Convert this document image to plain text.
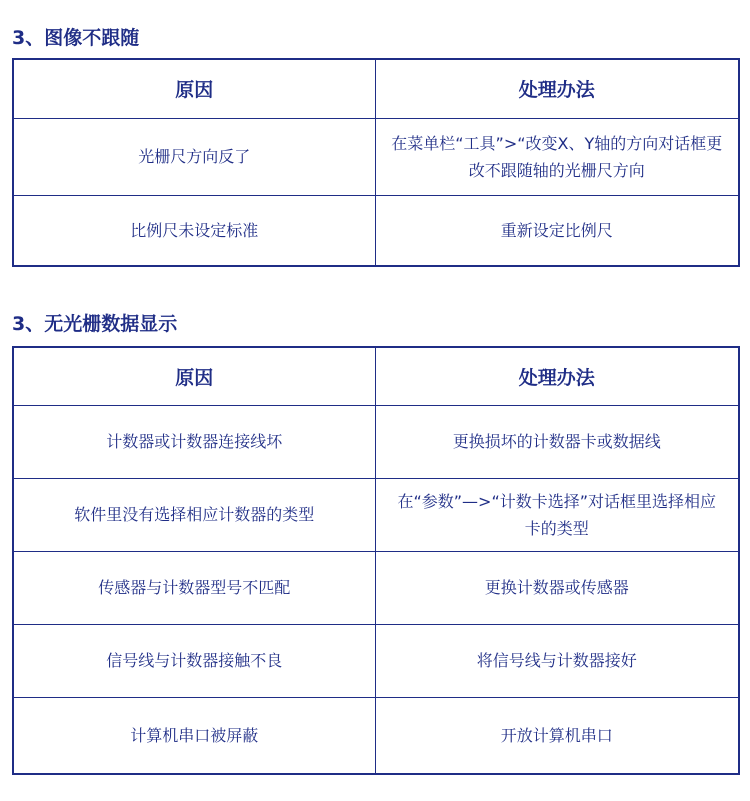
3、图像不跟随
原因	处理办法
光栅尺方向反了	在菜单栏“工具”>“改变X、Y轴的方向对话框更改不跟随轴的光栅尺方向
比例尺未设定标准	重新设定比例尺
3、无光栅数据显示
原因	处理办法
计数器或计数器连接线坏	更换损坏的计数器卡或数据线
软件里没有选择相应计数器的类型	在“参数”—>“计数卡选择”对话框里选择相应卡的类型
传感器与计数器型号不匹配	更换计数器或传感器
信号线与计数器接触不良	将信号线与计数器接好
计算机串口被屏蔽	开放计算机串口
